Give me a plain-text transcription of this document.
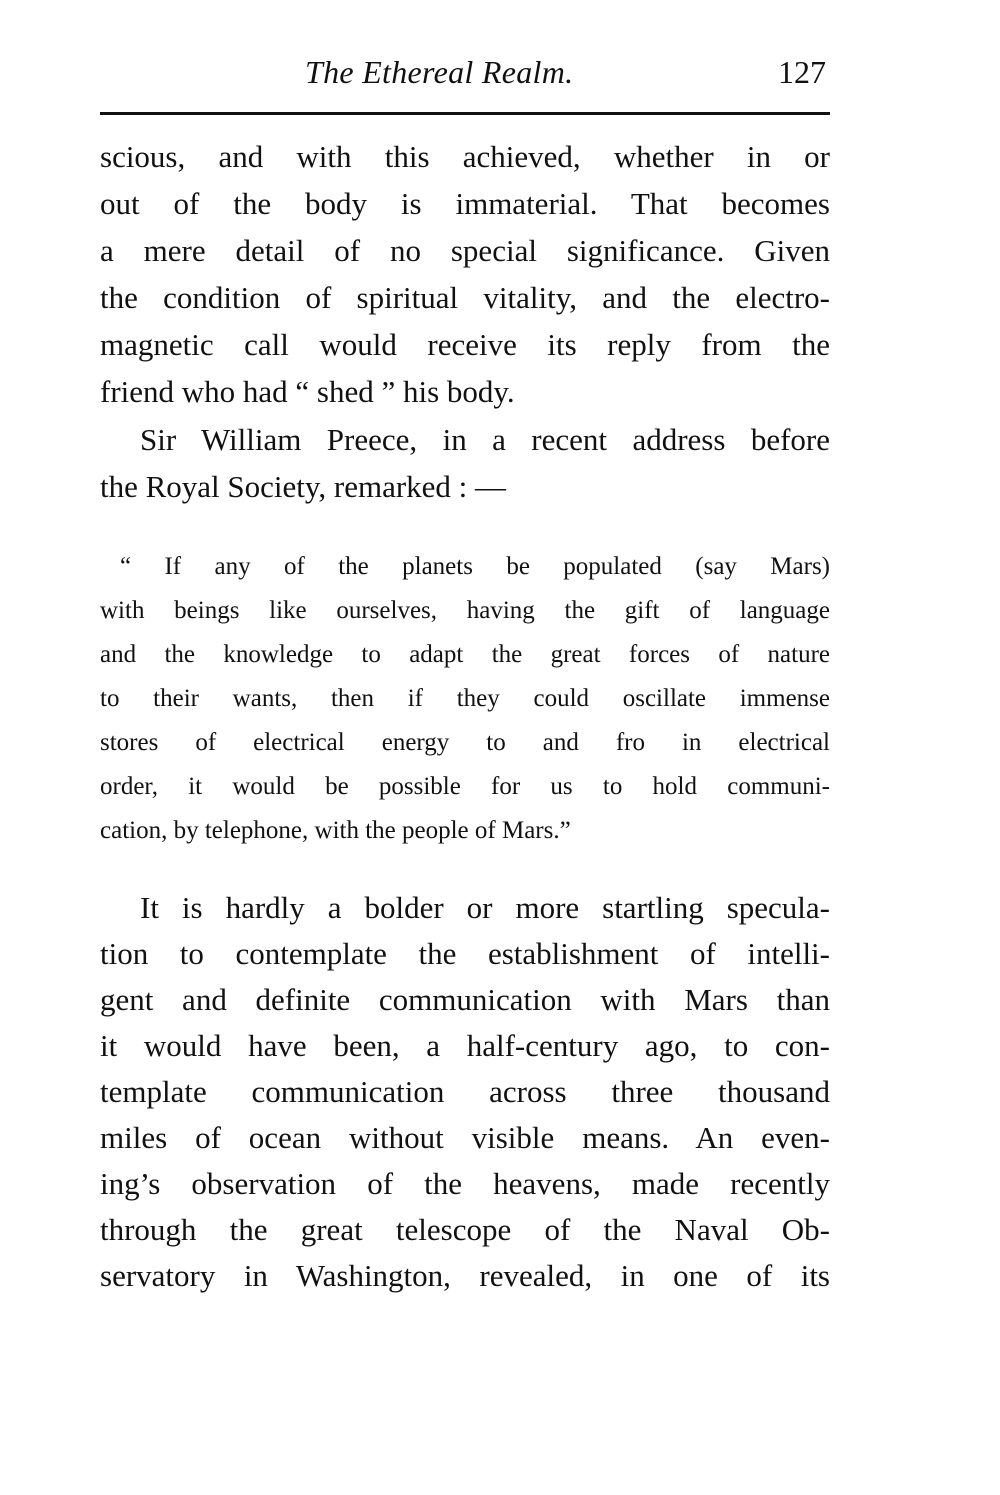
The Ethereal Realm.	127
scious, and with this achieved, whether in or
out of the body is immaterial. That becomes
a mere detail of no special significance. Given
the condition of spiritual vitality, and the electro-
magnetic call would receive its reply from the
friend who had “ shed ” his body.
Sir William Preece, in a recent address before
the Royal Society, remarked : —
“ If any of the planets be populated (say Mars)
with beings like ourselves, having the gift of language
and the knowledge to adapt the great forces of nature
to their wants, then if they could oscillate immense
stores of electrical energy to and fro in electrical
order, it would be possible for us to hold communi-
cation, by telephone, with the people of Mars.”
It is hardly a bolder or more startling specula-
tion to contemplate the establishment of intelli-
gent and definite communication with Mars than
it would have been, a half-century ago, to con-
template communication across three thousand
miles of ocean without visible means. An even-
ing’s observation of the heavens, made recently
through the great telescope of the Naval Ob-
servatory in Washington, revealed, in one of its
